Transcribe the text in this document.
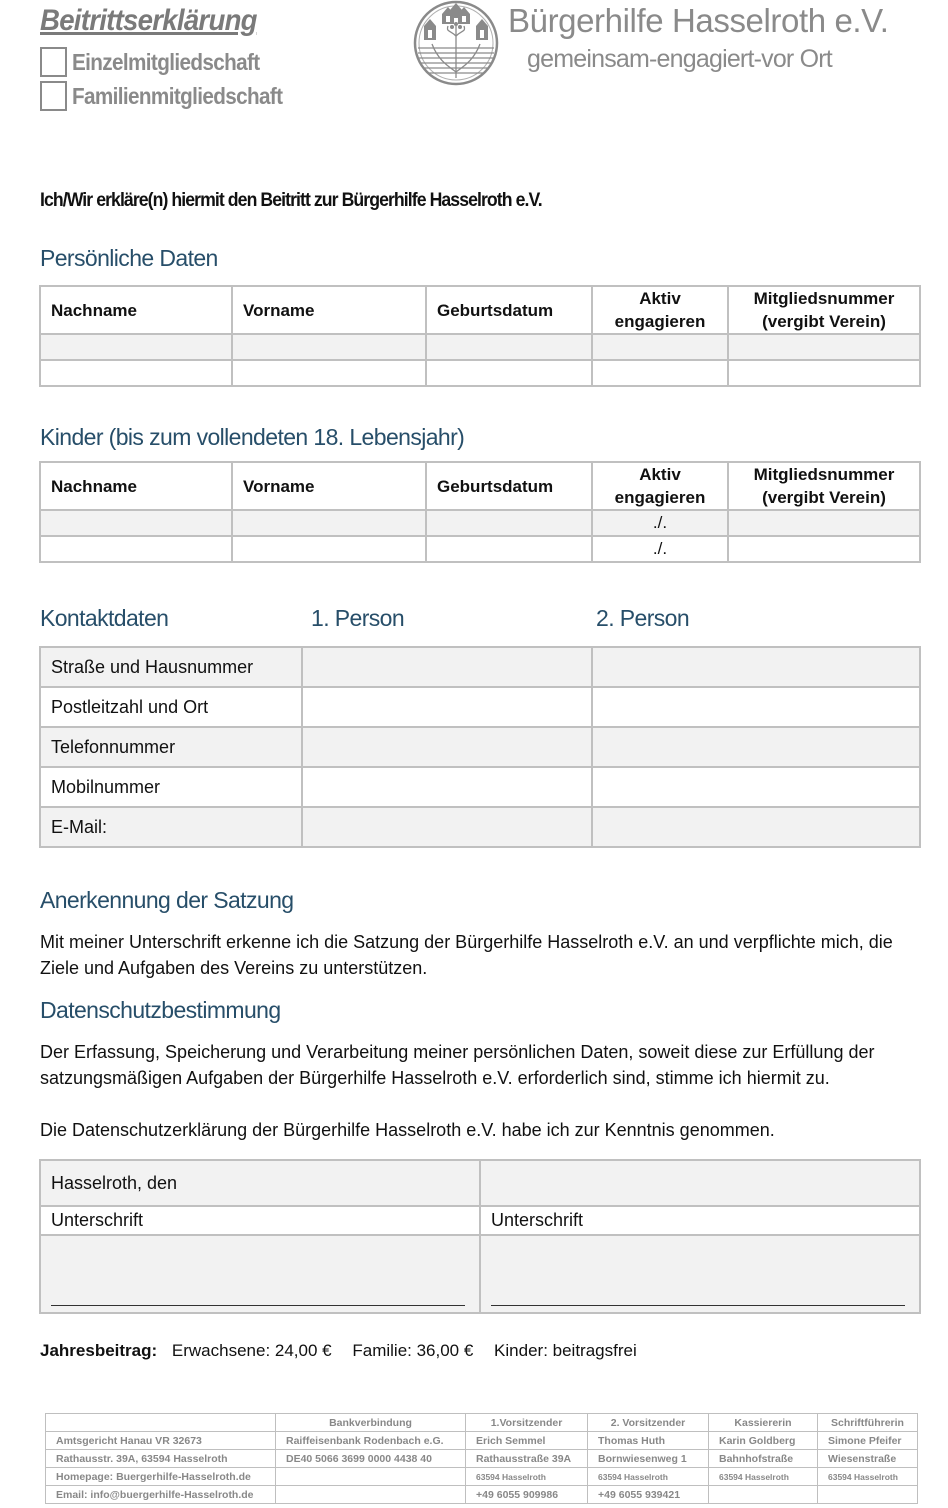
Beitrittserklärung
Einzelmitgliedschaft
Familienmitgliedschaft
Bürgerhilfe Hasselroth e.V.
gemeinsam-engagiert-vor Ort
Ich/Wir erkläre(n) hiermit den Beitritt zur Bürgerhilfe Hasselroth e.V.
Persönliche Daten
Nachname	Vorname	Geburtsdatum	Aktiv engagieren	Mitgliedsnummer (vergibt Verein)

Kinder (bis zum vollendeten 18. Lebensjahr)
Nachname	Vorname	Geburtsdatum	Aktiv engagieren	Mitgliedsnummer (vergibt Verein)
			./.	
			./.	
Kontaktdaten	1. Person	2. Person
Straße und Hausnummer		
Postleitzahl und Ort		
Telefonnummer		
Mobilnummer		
E-Mail:		
Anerkennung der Satzung
Mit meiner Unterschrift erkenne ich die Satzung der Bürgerhilfe Hasselroth e.V. an und verpflichte mich, die Ziele und Aufgaben des Vereins zu unterstützen.
Datenschutzbestimmung
Der Erfassung, Speicherung und Verarbeitung meiner persönlichen Daten, soweit diese zur Erfüllung der satzungsmäßigen Aufgaben der Bürgerhilfe Hasselroth e.V. erforderlich sind, stimme ich hiermit zu.
Die Datenschutzerklärung der Bürgerhilfe Hasselroth e.V. habe ich zur Kenntnis genommen.
Hasselroth, den	
Unterschrift	Unterschrift

Jahresbeitrag: Erwachsene: 24,00 € Familie: 36,00 € Kinder: beitragsfrei
	Bankverbindung	1.Vorsitzender	2. Vorsitzender	Kassiererin	Schriftführerin
Amtsgericht Hanau VR 32673	Raiffeisenbank Rodenbach e.G.	Erich Semmel	Thomas Huth	Karin Goldberg	Simone Pfeifer
Rathausstr. 39A, 63594 Hasselroth	DE40 5066 3699 0000 4438 40	Rathausstraße 39A	Bornwiesenweg 1	Bahnhofstraße	Wiesenstraße
Homepage: Buergerhilfe-Hasselroth.de		63594 Hasselroth	63594 Hasselroth	63594 Hasselroth	63594 Hasselroth
Email: info@buergerhilfe-Hasselroth.de		+49 6055 909986	+49 6055 939421		
